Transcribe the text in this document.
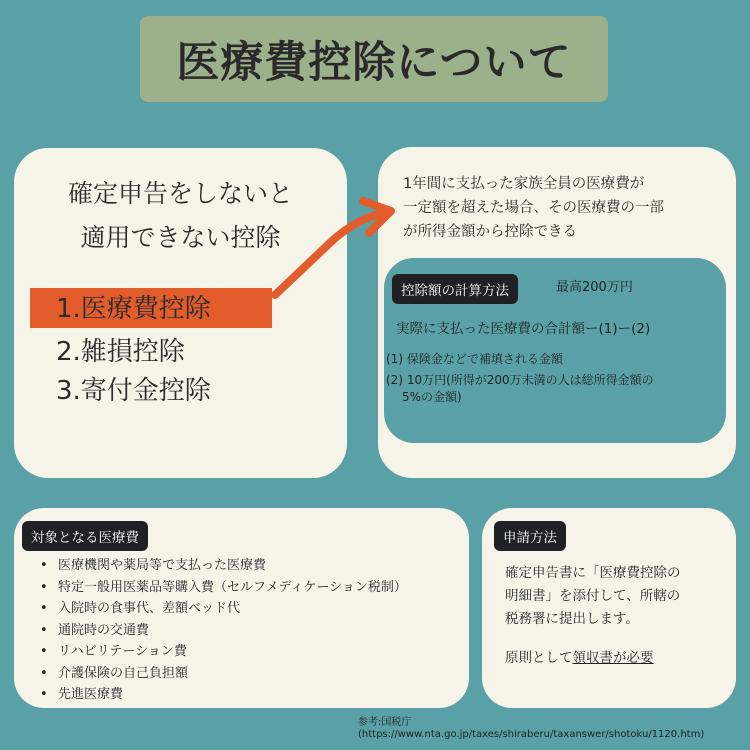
医療費控除について
確定申告をしないと
適用できない控除
1.医療費控除
2.雑損控除
3.寄付金控除
1年間に支払った家族全員の医療費が
一定額を超えた場合、その医療費の一部
が所得金額から控除できる
控除額の計算方法	最高200万円
実際に支払った医療費の合計額ー(1)ー(2)
(1) 保険金などで補填される金額
(2) 10万円(所得が200万未満の人は総所得金額の
5%の金額)
対象となる医療費
• 医療機関や薬局等で支払った医療費
• 特定一般用医薬品等購入費（セルフメディケーション税制）
• 入院時の食事代、差額ベッド代
• 通院時の交通費
• リハビリテーション費
• 介護保険の自己負担額
• 先進医療費
申請方法
確定申告書に「医療費控除の
明細書」を添付して、所轄の
税務署に提出します。
原則として領収書が必要
参考:国税庁
(https://www.nta.go.jp/taxes/shiraberu/taxanswer/shotoku/1120.htm)
